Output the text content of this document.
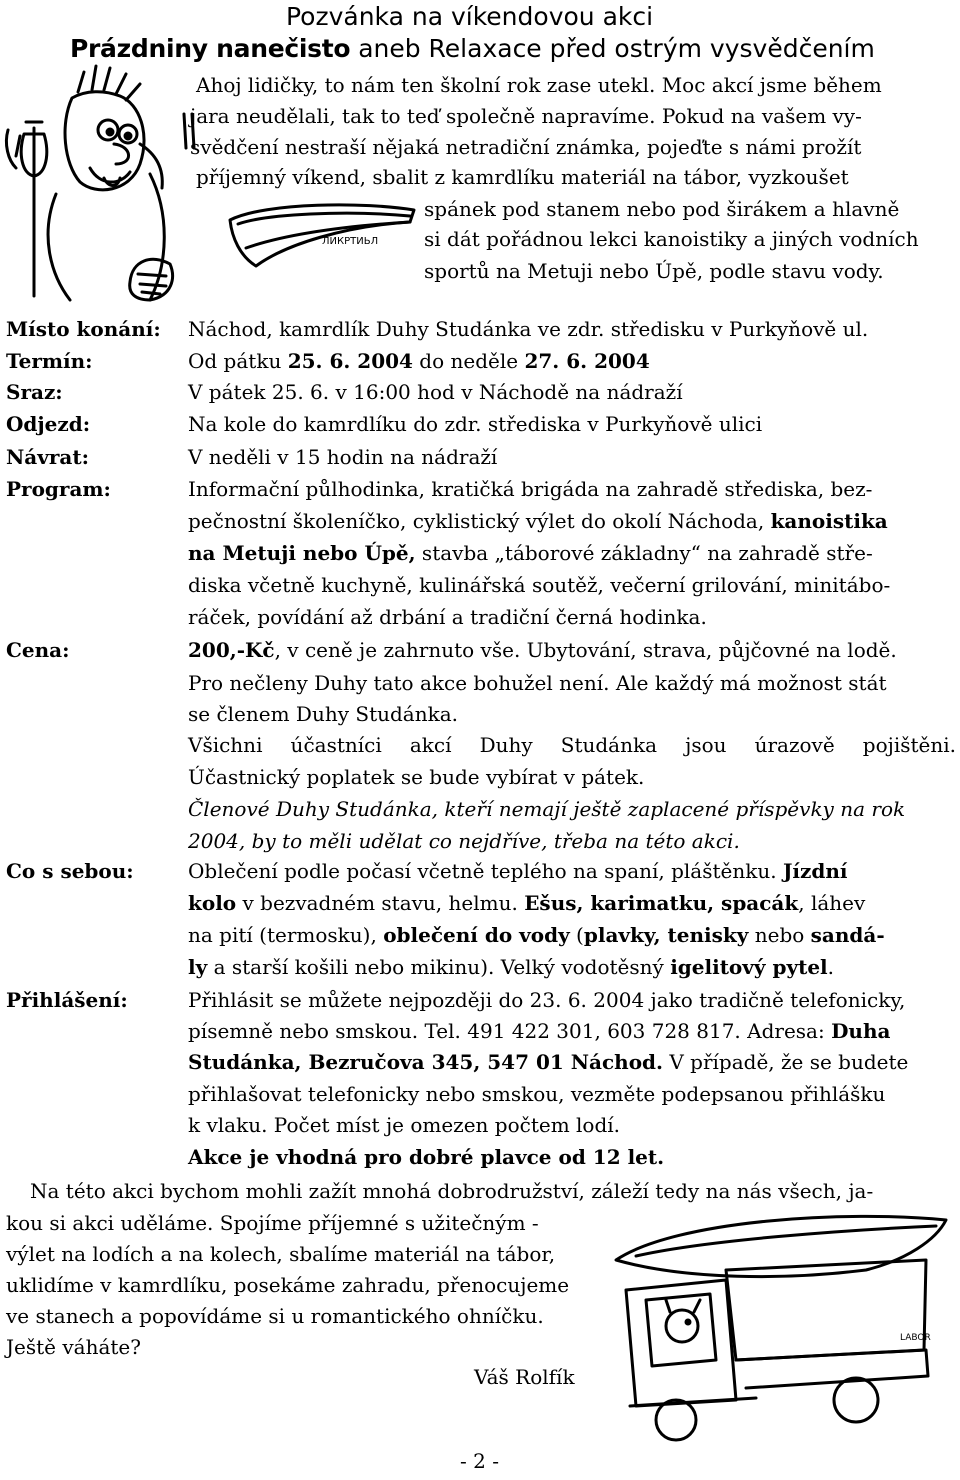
Pozvánka na víkendovou akci
Prázdniny nanečisto aneb Relaxace před ostrým vysvědčením
ЛИКРТИЬЛ
Ahoj lidičky, to nám ten školní rok zase utekl. Moc akcí jsme během
jara neudělali, tak to teď společně napravíme. Pokud na vašem vy-
svědčení nestraší nějaká netradiční známka, pojeďte s námi prožít
příjemný víkend, sbalit z kamrdlíku materiál na tábor, vyzkoušet
spánek pod stanem nebo pod širákem a hlavně
si dát pořádnou lekci kanoistiky a jiných vodních
sportů na Metuji nebo Úpě, podle stavu vody.
Místo konání: Náchod, kamrdlík Duhy Studánka ve zdr. středisku v Purkyňově ul.
Termín:	Od pátku 25. 6. 2004 do neděle 27. 6. 2004
Sraz:	V pátek 25. 6. v 16:00 hod v Náchodě na nádraží
Odjezd:	Na kole do kamrdlíku do zdr. střediska v Purkyňově ulici
Návrat:	V neděli v 15 hodin na nádraží
Program:	Informační půlhodinka, kratičká brigáda na zahradě střediska, bez-
pečnostní školeníčko, cyklistický výlet do okolí Náchoda, kanoistika
na Metuji nebo Úpě, stavba „táborové základny“ na zahradě stře-
diska včetně kuchyně, kulinářská soutěž, večerní grilování, minitábo-
ráček, povídání až drbání a tradiční černá hodinka.
Cena:	200,-Kč, v ceně je zahrnuto vše. Ubytování, strava, půjčovné na lodě.
Pro nečleny Duhy tato akce bohužel není. Ale každý má možnost stát
se členem Duhy Studánka.
Všichni účastníci akcí Duhy Studánka jsou úrazově pojištěni.
Účastnický poplatek se bude vybírat v pátek.
Členové Duhy Studánka, kteří nemají ještě zaplacené příspěvky na rok
2004, by to měli udělat co nejdříve, třeba na této akci.
Co s sebou:	Oblečení podle počasí včetně teplého na spaní, pláštěnku. Jízdní
kolo v bezvadném stavu, helmu. Ešus, karimatku, spacák, láhev
na pití (termosku), oblečení do vody (plavky, tenisky nebo sandá-
ly a starší košili nebo mikinu). Velký vodotěsný igelitový pytel.
Přihlášení:	Přihlásit se můžete nejpozději do 23. 6. 2004 jako tradičně telefonicky,
písemně nebo smskou. Tel. 491 422 301, 603 728 817. Adresa: Duha
Studánka, Bezručova 345, 547 01 Náchod. V případě, že se budete
přihlašovat telefonicky nebo smskou, vezměte podepsanou přihlášku
k vlaku. Počet míst je omezen počtem lodí.
Akce je vhodná pro dobré plavce od 12 let.
Na této akci bychom mohli zažít mnohá dobrodružství, záleží tedy na nás všech, ja-
kou si akci uděláme. Spojíme příjemné s užitečným -
výlet na lodích a na kolech, sbalíme materiál na tábor,
uklidíme v kamrdlíku, posekáme zahradu, přenocujeme
ve stanech a popovídáme si u romantického ohníčku.
Ještě váháte?
Váš Rolfík
LABOR
- 2 -
